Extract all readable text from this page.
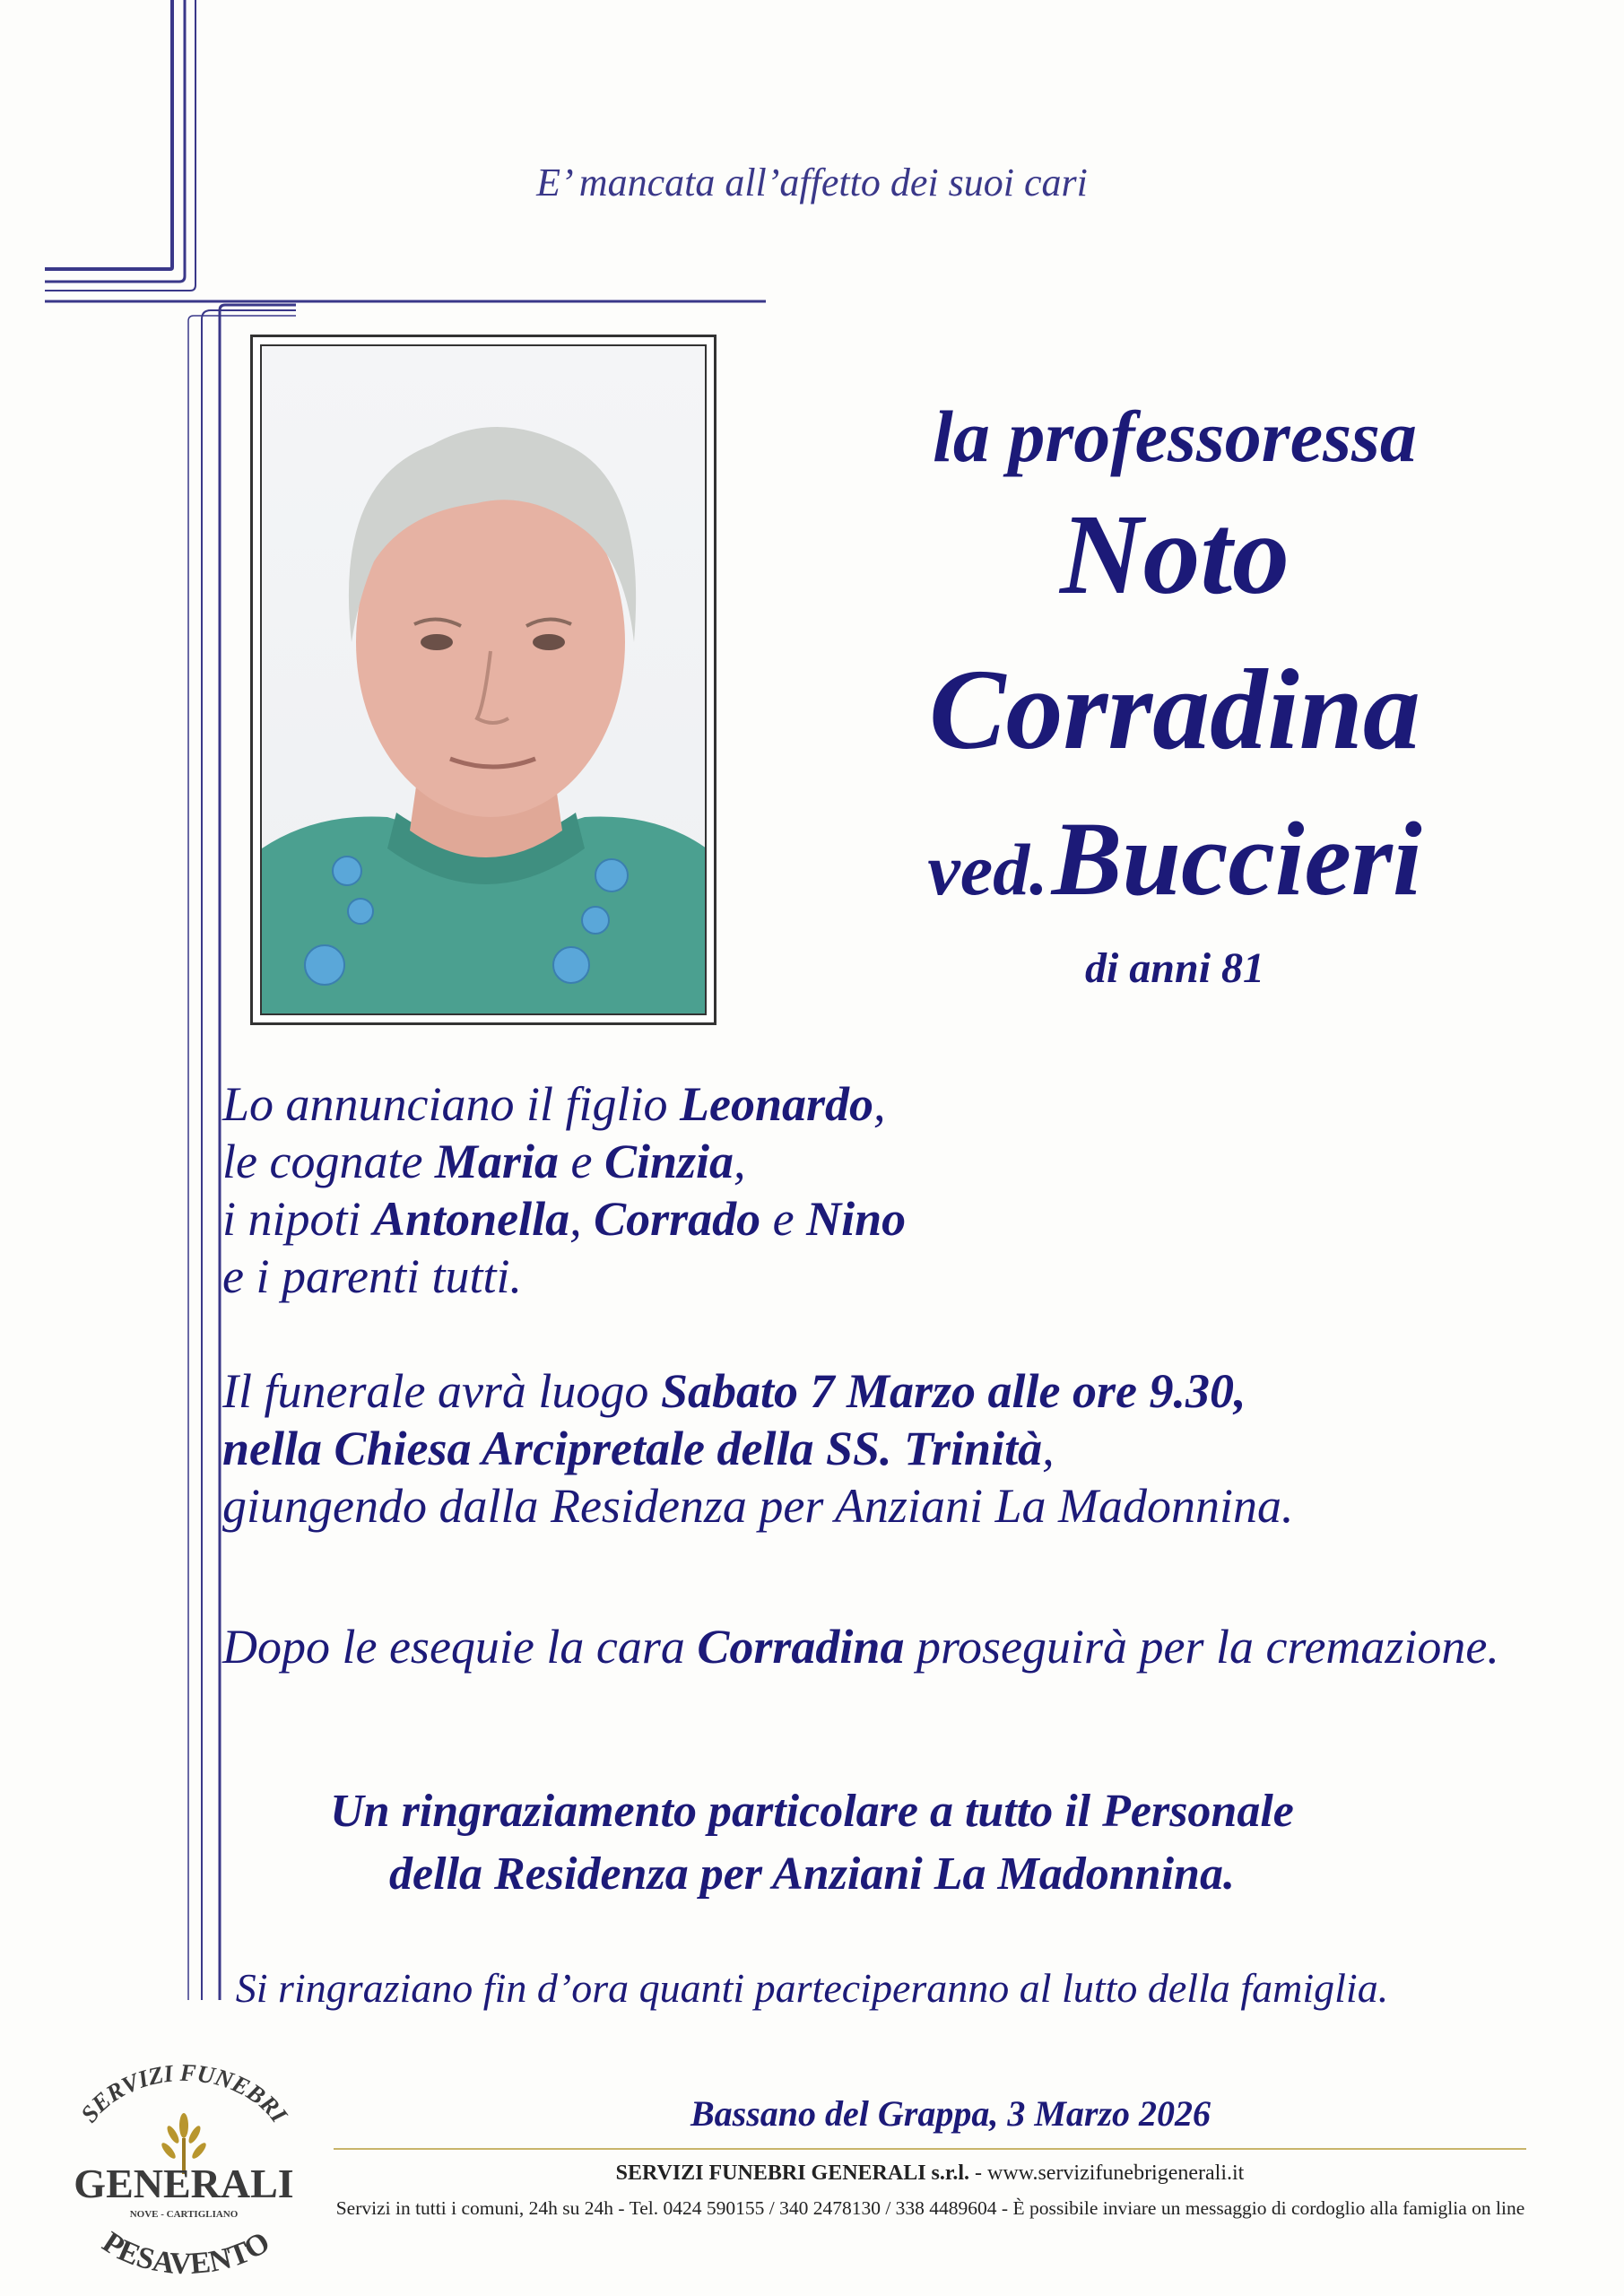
E’ mancata all’affetto dei suoi cari
la professoressa
Noto
Corradina
ved. Buccieri
di anni 81
Lo annunciano il figlio Leonardo,
le cognate Maria e Cinzia,
i nipoti Antonella, Corrado e Nino
e i parenti tutti.
Il funerale avrà luogo Sabato 7 Marzo alle ore 9.30,
nella Chiesa Arcipretale della SS. Trinità,
giungendo dalla Residenza per Anziani La Madonnina.
Dopo le esequie la cara Corradina proseguirà per la cremazione.
Un ringraziamento particolare a tutto il Personale
della Residenza per Anziani La Madonnina.
Si ringraziano fin d’ora quanti parteciperanno al lutto della famiglia.
Bassano del Grappa, 3 Marzo 2026
SERVIZI FUNEBRI
GENERALI
NOVE - CARTIGLIANO
PESAVENTO
SERVIZI FUNEBRI GENERALI s.r.l. - www.servizifunebrigenerali.it
Servizi in tutti i comuni, 24h su 24h - Tel. 0424 590155 / 340 2478130 / 338 4489604 - È possibile inviare un messaggio di cordoglio alla famiglia on line
